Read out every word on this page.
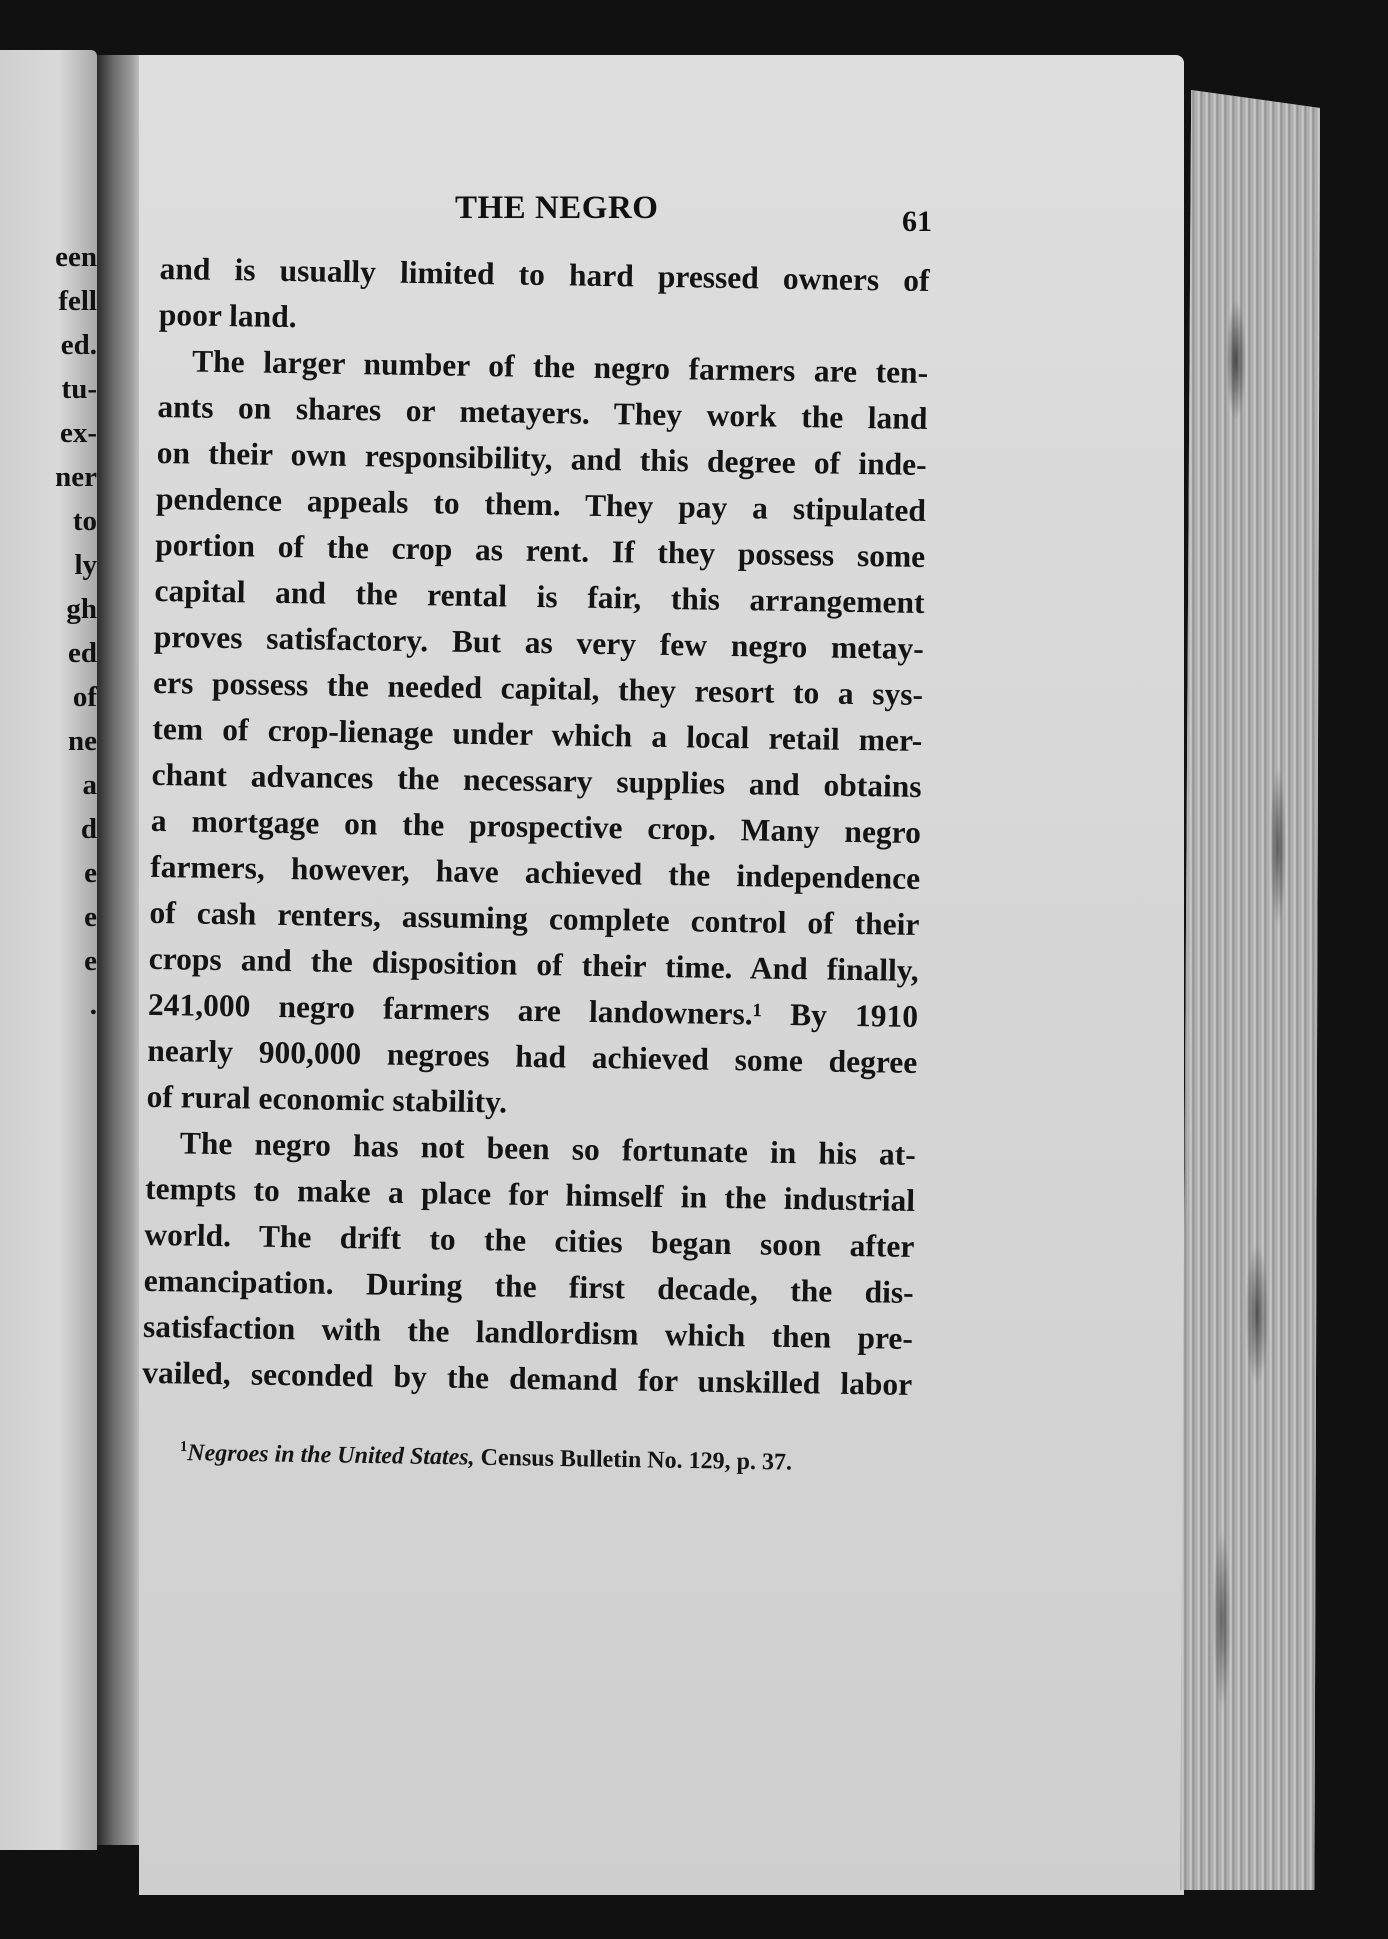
een
fell
ed.
tu-
ex-
ner
to
ly
gh
ed
of
ne
a
d
e
e
e
.
THE NEGRO	61
and is usually limited to hard pressed owners of
poor land.
The larger number of the negro farmers are ten-
ants on shares or metayers. They work the land
on their own responsibility, and this degree of inde-
pendence appeals to them. They pay a stipulated
portion of the crop as rent. If they possess some
capital and the rental is fair, this arrangement
proves satisfactory. But as very few negro metay-
ers possess the needed capital, they resort to a sys-
tem of crop-lienage under which a local retail mer-
chant advances the necessary supplies and obtains
a mortgage on the prospective crop. Many negro
farmers, however, have achieved the independence
of cash renters, assuming complete control of their
crops and the disposition of their time. And finally,
241,000 negro farmers are landowners.¹ By 1910
nearly 900,000 negroes had achieved some degree
of rural economic stability.
The negro has not been so fortunate in his at-
tempts to make a place for himself in the industrial
world. The drift to the cities began soon after
emancipation. During the first decade, the dis-
satisfaction with the landlordism which then pre-
vailed, seconded by the demand for unskilled labor
$^1$Negroes in the United States, Census Bulletin No. 129, p. 37.
